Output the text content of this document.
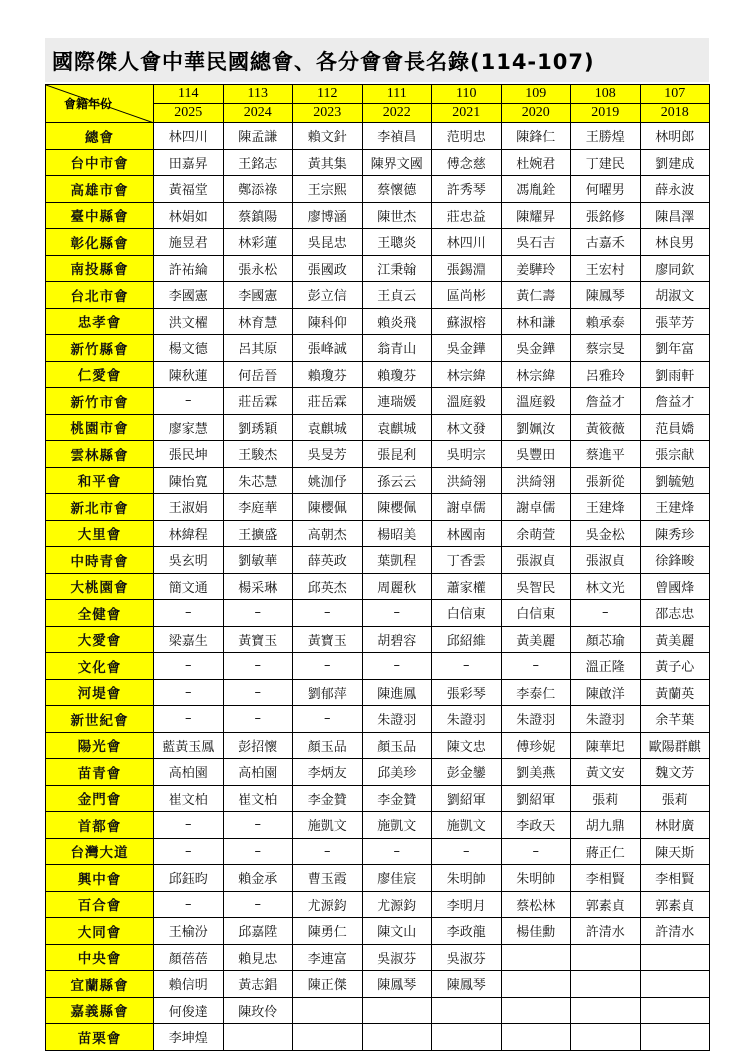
國際傑人會中華民國總會、各分會會長名錄(114-107)
會籍年份	114	113	112	111	110	109	108	107
	2025	2024	2023	2022	2021	2020	2019	2018
總會	林四川	陳孟謙	賴文針	李禎昌	范明忠	陳鋒仁	王勝煌	林明郎
台中市會	田嘉昇	王銘志	黃其集	陳界文國	傅念慈	杜婉君	丁建民	劉建成
高雄市會	黃福堂	鄭添祿	王宗熙	蔡懷德	許秀琴	馮胤銓	何曜男	薛永波
臺中縣會	林娟如	蔡鎮陽	廖博涵	陳世杰	莊忠益	陳耀昇	張銘修	陳昌澤
彰化縣會	施昱君	林彩蓮	吳昆忠	王聰炎	林四川	吳石吉	古嘉禾	林良男
南投縣會	許祐綸	張永松	張國政	江秉翰	張錫淵	姜驊玲	王宏村	廖同欽
台北市會	李國憲	李國憲	彭立信	王貞云	區尚彬	黃仁壽	陳鳳琴	胡淑文
忠孝會	洪文櫂	林育慧	陳科仰	賴炎飛	蘇淑榕	林和謙	賴承泰	張苹芳
新竹縣會	楊文德	呂其原	張峰誠	翁青山	吳金鏵	吳金鏵	蔡宗旻	劉年富
仁愛會	陳秋蓮	何岳晉	賴瓊芬	賴瓊芬	林宗緯	林宗緯	呂雅玲	劉雨軒
新竹市會	–	莊岳霖	莊岳霖	連瑞媛	溫庭毅	溫庭毅	詹益才	詹益才
桃園市會	廖家慧	劉琇穎	袁麒城	袁麒城	林文發	劉姵汝	黃筱薇	范員嬌
雲林縣會	張民坤	王駿杰	吳旻芳	張昆利	吳明宗	吳豐田	蔡進平	張宗献
和平會	陳怡寬	朱芯慧	姚泇伃	孫云云	洪綺翎	洪綺翎	張新從	劉毓勉
新北市會	王淑娟	李庭華	陳櫻佩	陳櫻佩	謝卓儒	謝卓儒	王建烽	王建烽
大里會	林緯程	王擴盛	高朝杰	楊昭美	林國南	余萌萱	吳金松	陳秀珍
中時青會	吳玄明	劉敏華	薛英政	葉凱程	丁香雲	張淑貞	張淑貞	徐鋒畯
大桃園會	簡文通	楊采琳	邱英杰	周麗秋	蕭家權	吳智民	林文光	曾國烽
全健會	–	–	–	–	白信東	白信東	–	邵志忠
大愛會	梁嘉生	黃寶玉	黃寶玉	胡碧容	邱紹維	黃美麗	顏芯瑜	黃美麗
文化會	–	–	–	–	–	–	溫正隆	黃子心
河堤會	–	–	劉郁萍	陳進鳳	張彩琴	李泰仁	陳啟洋	黃蘭英
新世紀會	–	–	–	朱證羽	朱證羽	朱證羽	朱證羽	余芊葉
陽光會	藍黃玉鳳	彭招懷	顏玉品	顏玉品	陳文忠	傅珍妮	陳華圯	歐陽群麒
苗青會	高柏園	高柏園	李炳友	邱美珍	彭金鑾	劉美燕	黃文安	魏文芳
金門會	崔文柏	崔文柏	李金贊	李金贊	劉紹軍	劉紹軍	張莉	張莉
首都會	–	–	施凱文	施凱文	施凱文	李政天	胡九鼎	林財廣
台灣大道	–	–	–	–	–	–	蔣正仁	陳天斯
興中會	邱鈺昀	賴金承	曹玉霞	廖佳宸	朱明帥	朱明帥	李相賢	李相賢
百合會	–	–	尤源鈞	尤源鈞	李明月	蔡松林	郭素貞	郭素貞
大同會	王榆汾	邱嘉陞	陳勇仁	陳文山	李政龍	楊佳勳	許清水	許清水
中央會	顏蓓蓓	賴見忠	李連富	吳淑芬	吳淑芬			
宜蘭縣會	賴信明	黃志錩	陳正傑	陳鳳琴	陳鳳琴			
嘉義縣會	何俊達	陳玫伶						
苗栗會	李坤煌							
